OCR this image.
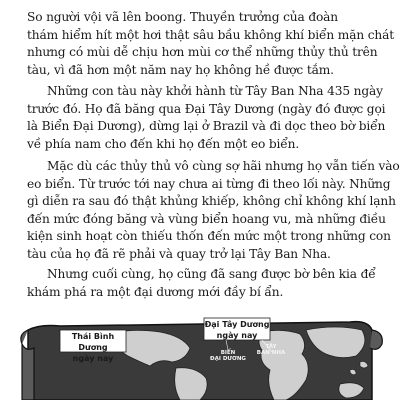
So người vội vã lên boong. Thuyền trưởng của đoàn
thám hiểm hít một hơi thật sâu bầu không khí biển mặn chát
nhưng có mùi dễ chịu hơn mùi cơ thể những thủy thủ trên
tàu, vì đã hơn một năm nay họ không hề được tắm.

Những con tàu này khởi hành từ Tây Ban Nha 435 ngày
trước đó. Họ đã băng qua Đại Tây Dương (ngày đó được gọi
là Biển Đại Dương), dừng lại ở Brazil và đi dọc theo bờ biển
về phía nam cho đến khi họ đến một eo biển.

Mặc dù các thủy thủ vô cùng sợ hãi nhưng họ vẫn tiến vào
eo biển. Từ trước tới nay chưa ai từng đi theo lối này. Những
gì diễn ra sau đó thật khủng khiếp, không chỉ không khí lạnh
đến mức đóng băng và vùng biển hoang vu, mà những điều
kiện sinh hoạt còn thiếu thốn đến mức một trong những con
tàu của họ đã rẽ phải và quay trở lại Tây Ban Nha.

Nhưng cuối cùng, họ cũng đã sang được bờ bên kia để
khám phá ra một đại dương mới đầy bí ẩn.

Thái Bình Dương
ngày nay
Đại Tây Dương
ngày nay
BIỂN
ĐẠI DƯƠNG
TÂY
BAN NHA
